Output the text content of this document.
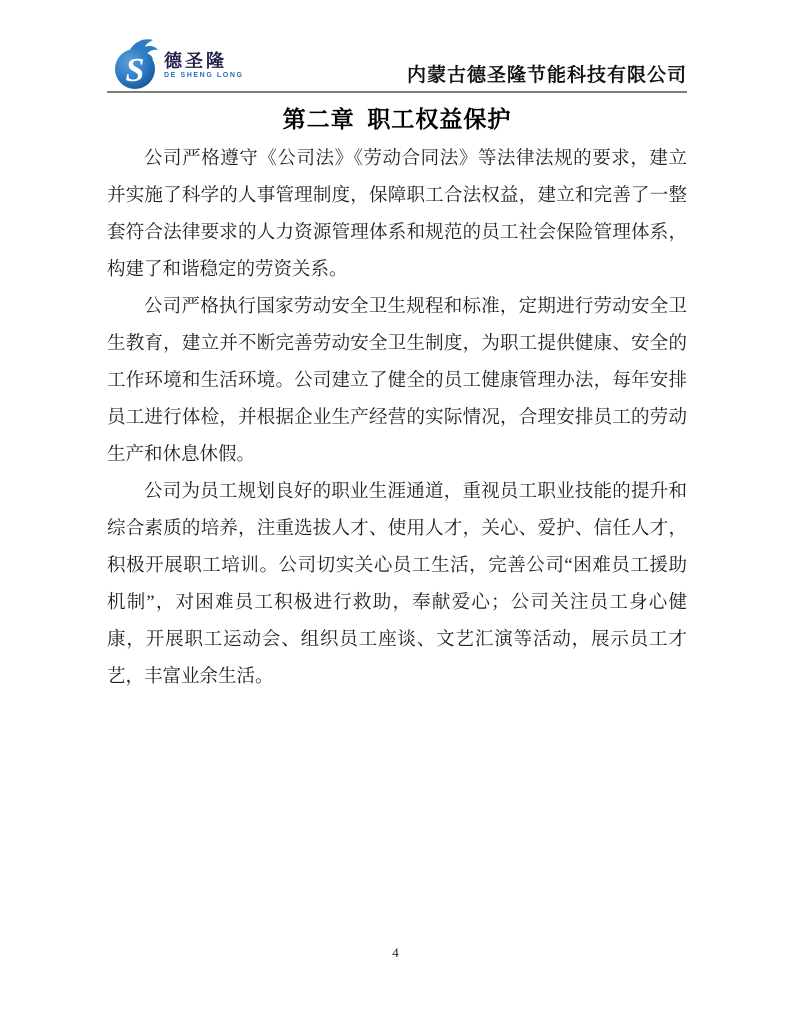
S 德圣隆
DE SHENG LONG	内蒙古德圣隆节能科技有限公司
第二章 职工权益保护

公司严格遵守《公司法》《劳动合同法》等法律法规的要求，建立并实施了科学的人事管理制度，保障职工合法权益，建立和完善了一整套符合法律要求的人力资源管理体系和规范的员工社会保险管理体系，构建了和谐稳定的劳资关系。

公司严格执行国家劳动安全卫生规程和标准，定期进行劳动安全卫生教育，建立并不断完善劳动安全卫生制度，为职工提供健康、安全的工作环境和生活环境。公司建立了健全的员工健康管理办法，每年安排员工进行体检，并根据企业生产经营的实际情况，合理安排员工的劳动生产和休息休假。

公司为员工规划良好的职业生涯通道，重视员工职业技能的提升和综合素质的培养，注重选拔人才、使用人才，关心、爱护、信任人才，积极开展职工培训。公司切实关心员工生活，完善公司“困难员工援助机制”，对困难员工积极进行救助，奉献爱心；公司关注员工身心健康，开展职工运动会、组织员工座谈、文艺汇演等活动，展示员工才艺，丰富业余生活。

4
